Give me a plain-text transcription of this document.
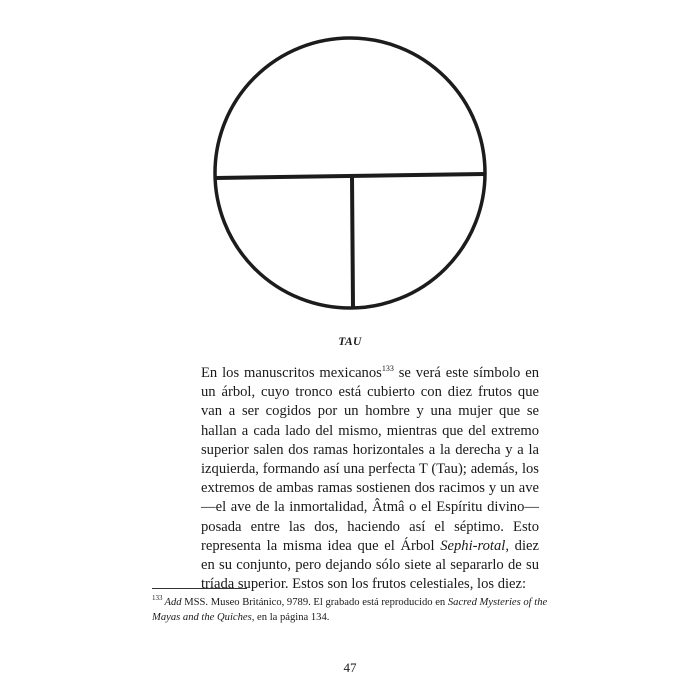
TAU

En los manuscritos mexicanos$^{133}$ se verá este símbolo en un árbol, cuyo tronco está cubierto con diez frutos que van a ser cogidos por un hombre y una mujer que se hallan a cada lado del mismo, mientras que del extremo superior salen dos ramas horizontales a la derecha y a la izquierda, formando así una perfecta T (Tau); además, los extremos de ambas ramas sostienen dos racimos y un ave —el ave de la inmortalidad, Âtmâ o el Espíritu divino— posada entre las dos, haciendo así el séptimo. Esto representa la misma idea que el Árbol Sephi-rotal, diez en su conjunto, pero dejando sólo siete al separarlo de su tríada superior. Estos son los frutos celestiales, los diez:

$^{133}$ Add MSS. Museo Británico, 9789. El grabado está reproducido en Sacred Mysteries of the Mayas and the Quiches, en la página 134.

47
